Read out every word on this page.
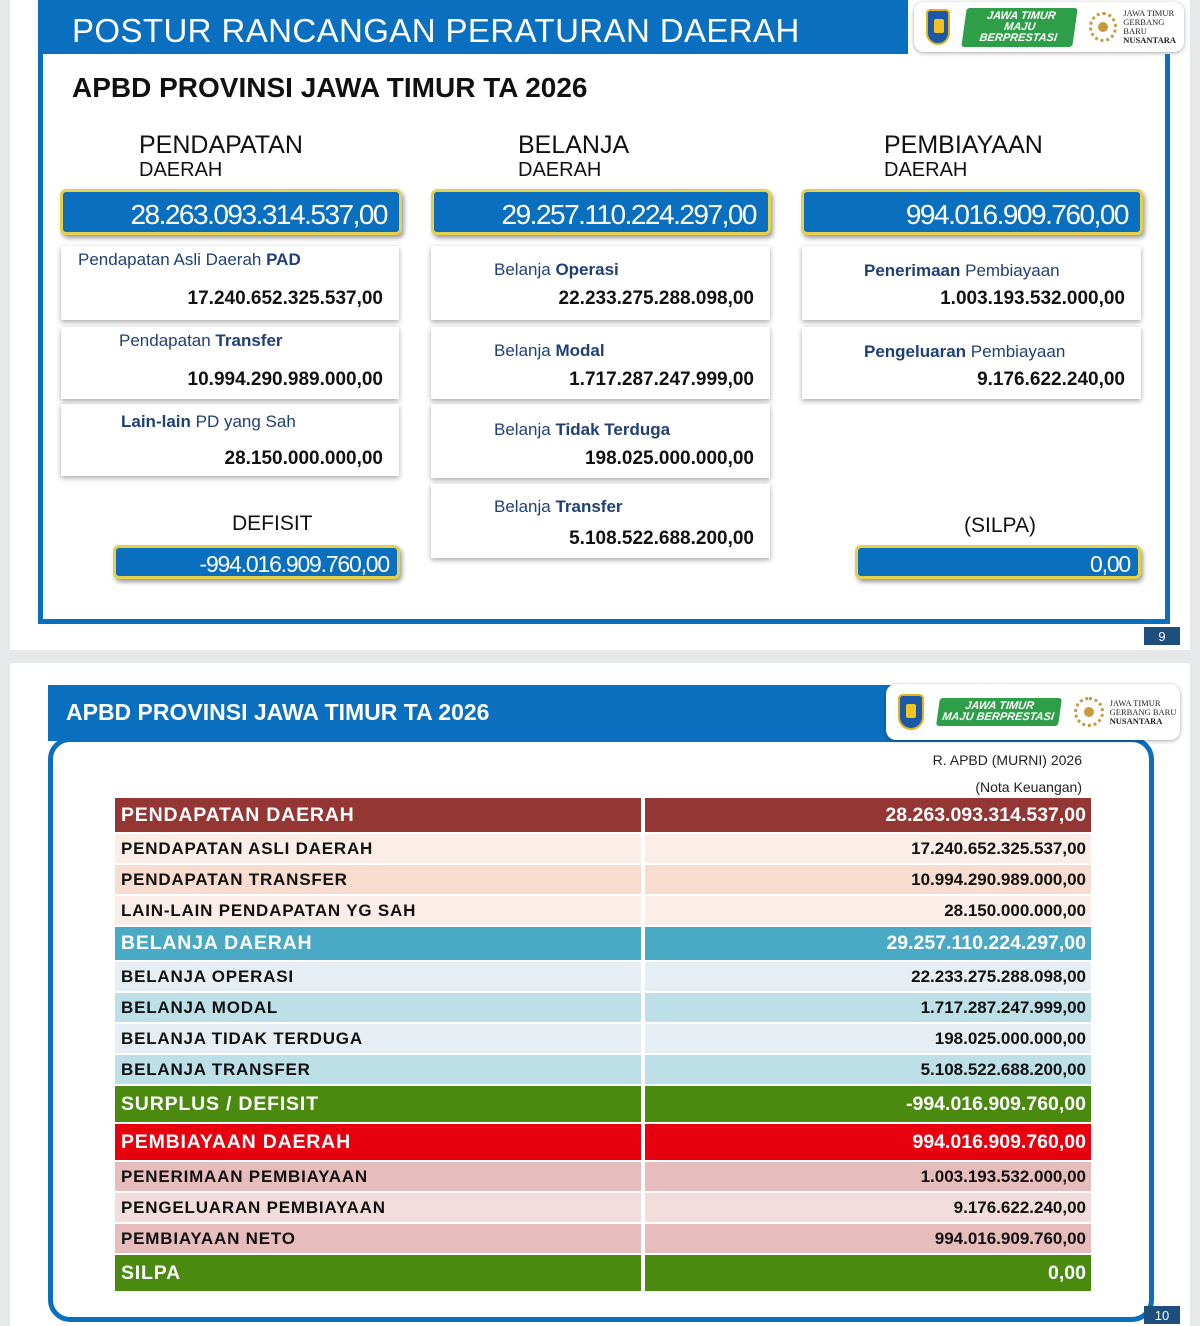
POSTUR RANCANGAN PERATURAN DAERAH	JAWA TIMUR
MAJU BERPRESTASI
JAWA TIMUR
GERBANG BARU
NUSANTARA
APBD PROVINSI JAWA TIMUR TA 2026
PENDAPATAN
DAERAH
28.263.093.314.537,00
Pendapatan Asli Daerah PAD
17.240.652.325.537,00
Pendapatan Transfer
10.994.290.989.000,00
Lain-lain PD yang Sah
28.150.000.000,00
DEFISIT
-994.016.909.760,00
BELANJA
DAERAH
29.257.110.224.297,00
Belanja Operasi
22.233.275.288.098,00
Belanja Modal
1.717.287.247.999,00
Belanja Tidak Terduga
198.025.000.000,00
Belanja Transfer
5.108.522.688.200,00
PEMBIAYAAN
DAERAH
994.016.909.760,00
Penerimaan Pembiayaan
1.003.193.532.000,00
Pengeluaran Pembiayaan
9.176.622.240,00
(SILPA)
0,00
9
APBD PROVINSI JAWA TIMUR TA 2026	JAWA TIMUR
MAJU BERPRESTASI
JAWA TIMUR
GERBANG BARU
NUSANTARA
R. APBD (MURNI) 2026
(Nota Keuangan)
PENDAPATAN DAERAH	28.263.093.314.537,00
PENDAPATAN ASLI DAERAH	17.240.652.325.537,00
PENDAPATAN TRANSFER	10.994.290.989.000,00
LAIN-LAIN PENDAPATAN YG SAH	28.150.000.000,00
BELANJA DAERAH	29.257.110.224.297,00
BELANJA OPERASI	22.233.275.288.098,00
BELANJA MODAL	1.717.287.247.999,00
BELANJA TIDAK TERDUGA	198.025.000.000,00
BELANJA TRANSFER	5.108.522.688.200,00
SURPLUS / DEFISIT	-994.016.909.760,00
PEMBIAYAAN DAERAH	994.016.909.760,00
PENERIMAAN PEMBIAYAAN	1.003.193.532.000,00
PENGELUARAN PEMBIAYAAN	9.176.622.240,00
PEMBIAYAAN NETO	994.016.909.760,00
SILPA	0,00
10
